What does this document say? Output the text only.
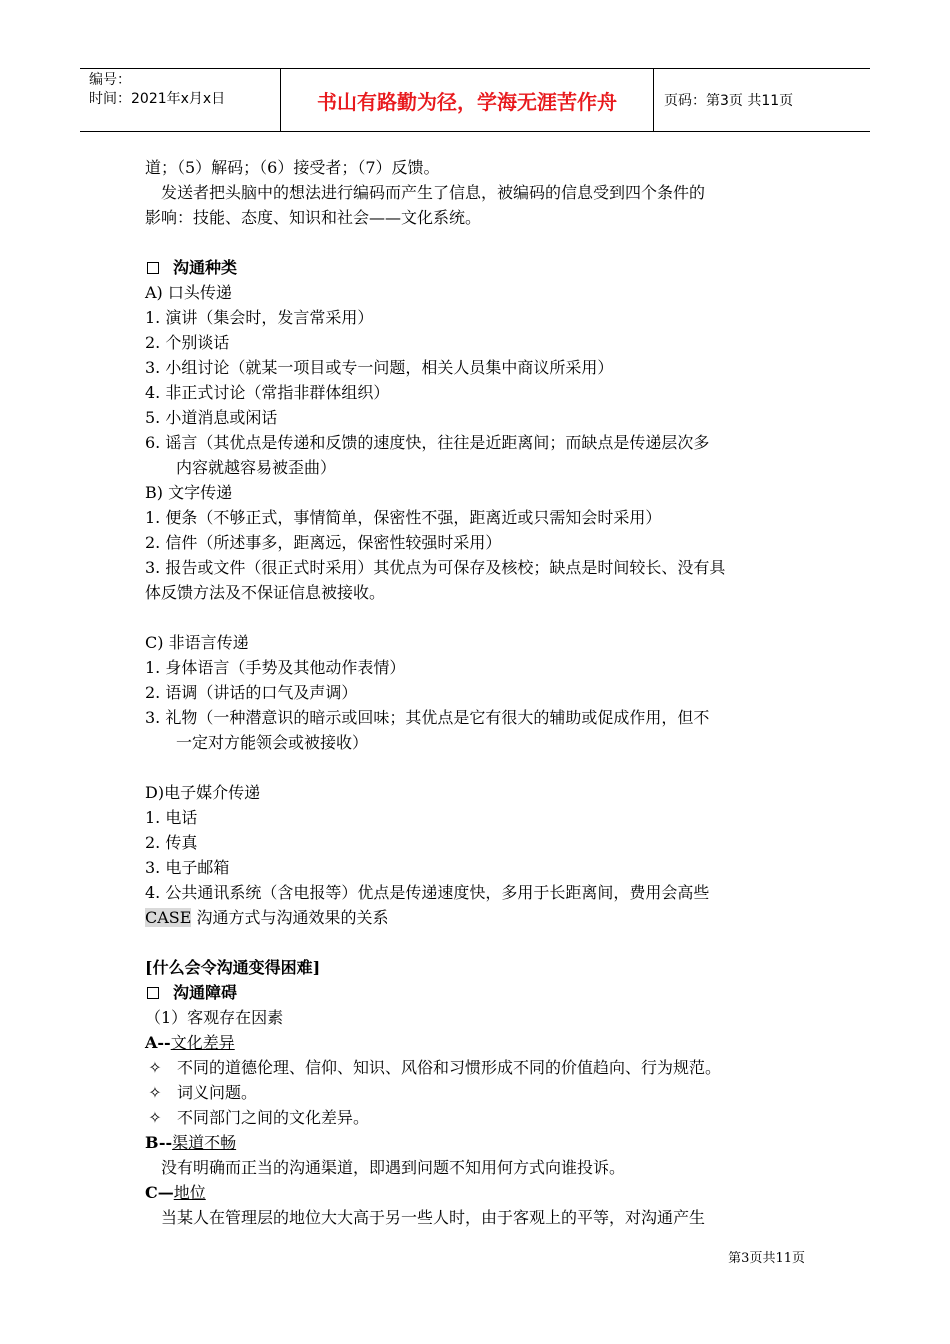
编号：
时间：2021年x月x日	书山有路勤为径，学海无涯苦作舟	页码：第3页 共11页
道；（5）解码；（6）接受者；（7）反馈。
发送者把头脑中的想法进行编码而产生了信息，被编码的信息受到四个条件的
影响：技能、态度、知识和社会——文化系统。
沟通种类
A) 口头传递
1. 演讲（集会时，发言常采用）
2. 个别谈话
3. 小组讨论（就某一项目或专一问题，相关人员集中商议所采用）
4. 非正式讨论（常指非群体组织）
5. 小道消息或闲话
6. 谣言（其优点是传递和反馈的速度快，往往是近距离间；而缺点是传递层次多
内容就越容易被歪曲）
B) 文字传递
1. 便条（不够正式，事情简单，保密性不强，距离近或只需知会时采用）
2. 信件（所述事多，距离远，保密性较强时采用）
3. 报告或文件（很正式时采用）其优点为可保存及核校；缺点是时间较长、没有具
体反馈方法及不保证信息被接收。
C) 非语言传递
1. 身体语言（手势及其他动作表情）
2. 语调（讲话的口气及声调）
3. 礼物（一种潜意识的暗示或回味；其优点是它有很大的辅助或促成作用，但不
一定对方能领会或被接收）
D)电子媒介传递
1. 电话
2. 传真
3. 电子邮箱
4. 公共通讯系统（含电报等）优点是传递速度快，多用于长距离间，费用会高些
CASE 沟通方式与沟通效果的关系
[什么会令沟通变得困难]
沟通障碍
（1）客观存在因素
A--文化差异
✧ 不同的道德伦理、信仰、知识、风俗和习惯形成不同的价值趋向、行为规范。
✧ 词义问题。
✧ 不同部门之间的文化差异。
B--渠道不畅
没有明确而正当的沟通渠道，即遇到问题不知用何方式向谁投诉。
C—地位
当某人在管理层的地位大大高于另一些人时，由于客观上的平等，对沟通产生
第3页共11页
